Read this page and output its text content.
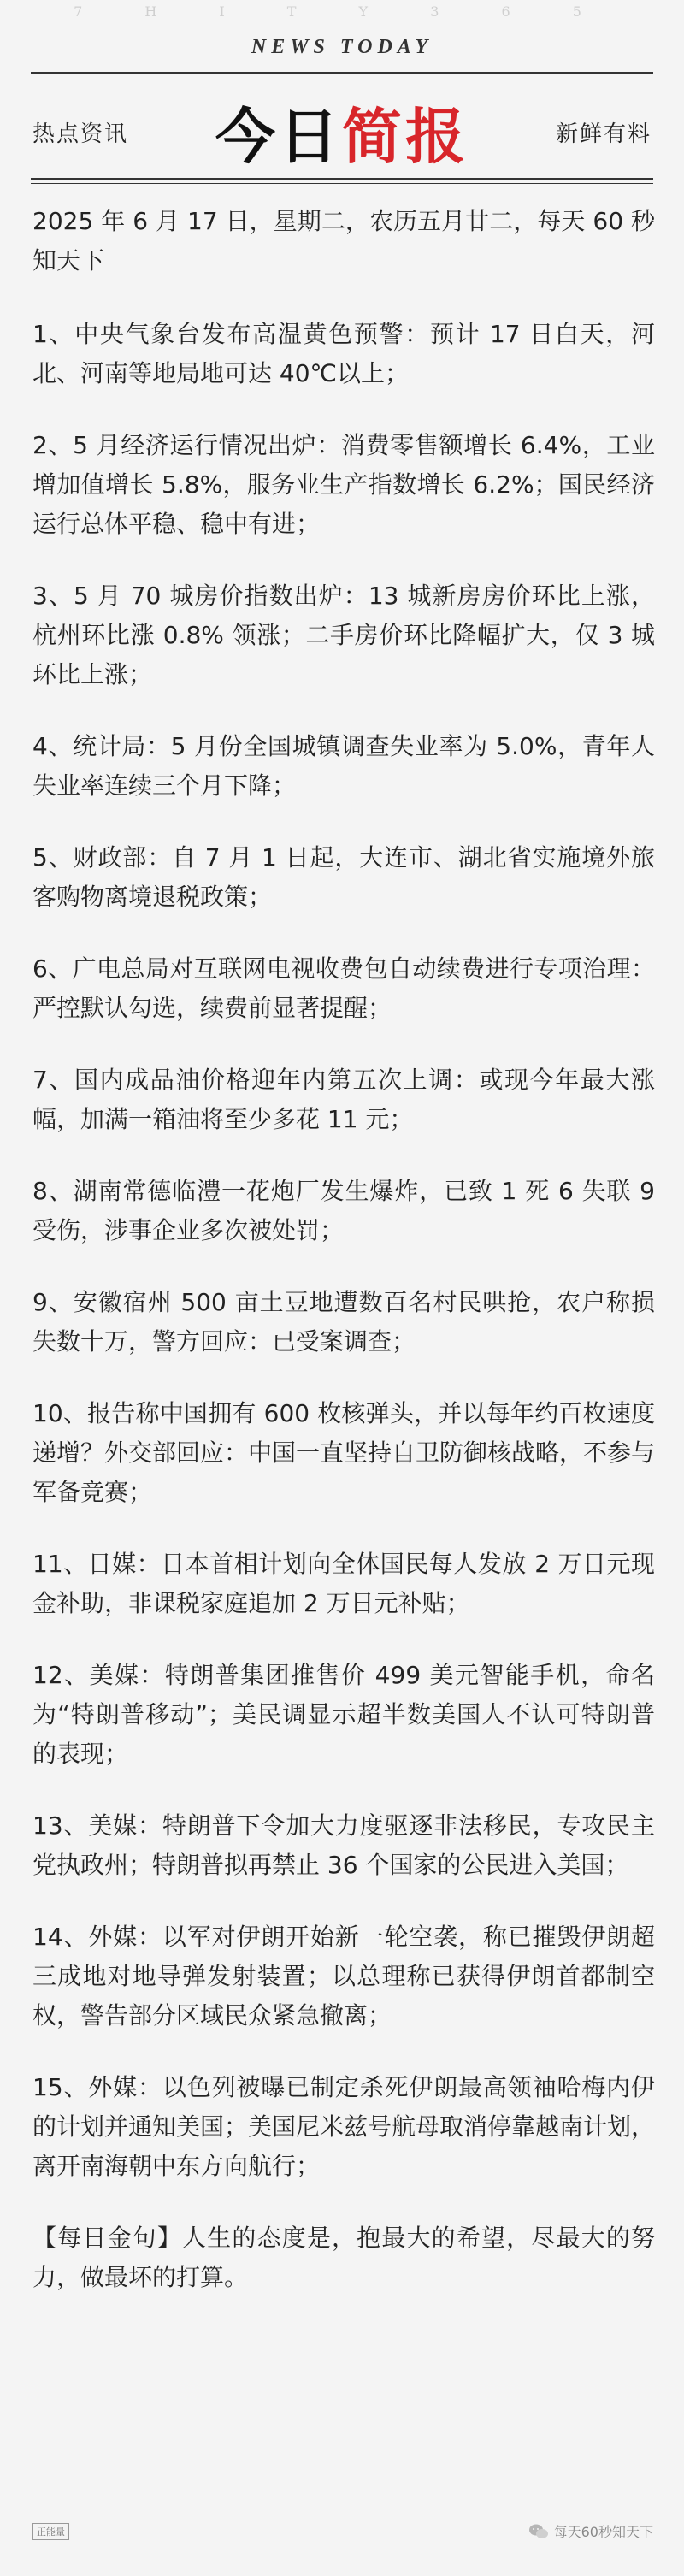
7 H I T Y 3 6 5
NEWS TODAY
热点资讯	今日简报	新鲜有料

2025 年 6 月 17 日，星期二，农历五月廿二，每天 60 秒知天下

1、中央气象台发布高温黄色预警：预计 17 日白天，河北、河南等地局地可达 40℃以上；

2、5 月经济运行情况出炉：消费零售额增长 6.4%，工业增加值增长 5.8%，服务业生产指数增长 6.2%；国民经济运行总体平稳、稳中有进；

3、5 月 70 城房价指数出炉：13 城新房房价环比上涨，杭州环比涨 0.8% 领涨；二手房价环比降幅扩大，仅 3 城环比上涨；

4、统计局：5 月份全国城镇调查失业率为 5.0%，青年人失业率连续三个月下降；

5、财政部：自 7 月 1 日起，大连市、湖北省实施境外旅客购物离境退税政策；

6、广电总局对互联网电视收费包自动续费进行专项治理：严控默认勾选，续费前显著提醒；

7、国内成品油价格迎年内第五次上调：或现今年最大涨幅，加满一箱油将至少多花 11 元；

8、湖南常德临澧一花炮厂发生爆炸，已致 1 死 6 失联 9 受伤，涉事企业多次被处罚；

9、安徽宿州 500 亩土豆地遭数百名村民哄抢，农户称损失数十万，警方回应：已受案调查；

10、报告称中国拥有 600 枚核弹头，并以每年约百枚速度递增？外交部回应：中国一直坚持自卫防御核战略，不参与军备竞赛；

11、日媒：日本首相计划向全体国民每人发放 2 万日元现金补助，非课税家庭追加 2 万日元补贴；

12、美媒：特朗普集团推售价 499 美元智能手机，命名为“特朗普移动”；美民调显示超半数美国人不认可特朗普的表现；

13、美媒：特朗普下令加大力度驱逐非法移民，专攻民主党执政州；特朗普拟再禁止 36 个国家的公民进入美国；

14、外媒：以军对伊朗开始新一轮空袭，称已摧毁伊朗超三成地对地导弹发射装置；以总理称已获得伊朗首都制空权，警告部分区域民众紧急撤离；

15、外媒：以色列被曝已制定杀死伊朗最高领袖哈梅内伊的计划并通知美国；美国尼米兹号航母取消停靠越南计划，离开南海朝中东方向航行；

【每日金句】人生的态度是，抱最大的希望，尽最大的努力，做最坏的打算。

正能量	每天60秒知天下
